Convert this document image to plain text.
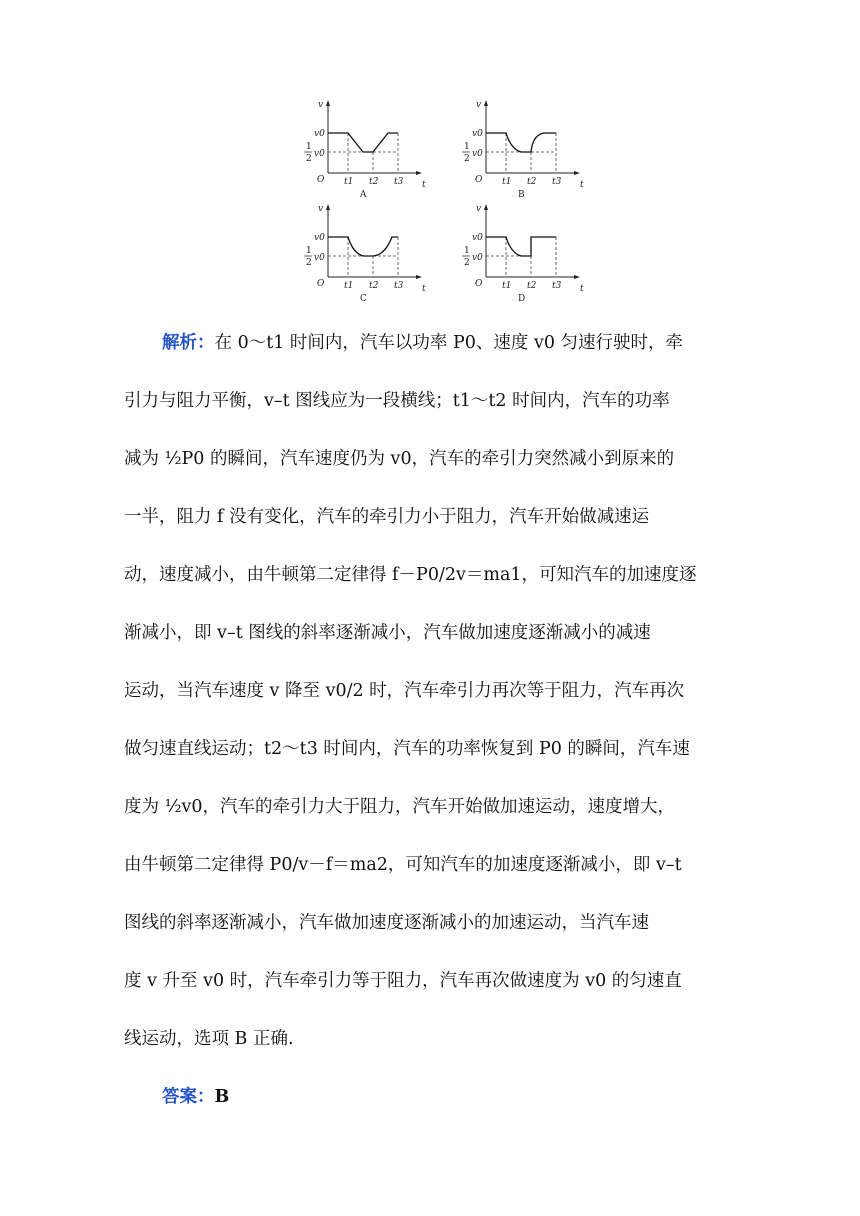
v
t
O
v0
1
2 v0
t1 t2 t3
A
v
t
O
v0
1
2 v0
t1 t2 t3
B
v
t
O
v0
1
2 v0
t1 t2 t3
C
v
t
O
v0
1
2 v0
t1 t2 t3
D
解析：在 0～t1 时间内，汽车以功率 P0、速度 v0 匀速行驶时，牵
引力与阻力平衡，v–t 图线应为一段横线；t1～t2 时间内，汽车的功率
减为 ½P0 的瞬间，汽车速度仍为 v0，汽车的牵引力突然减小到原来的
一半，阻力 f 没有变化，汽车的牵引力小于阻力，汽车开始做减速运
动，速度减小，由牛顿第二定律得 f－P0/2v＝ma1，可知汽车的加速度逐
渐减小，即 v–t 图线的斜率逐渐减小，汽车做加速度逐渐减小的减速
运动，当汽车速度 v 降至 v0/2 时，汽车牵引力再次等于阻力，汽车再次
做匀速直线运动；t2～t3 时间内，汽车的功率恢复到 P0 的瞬间，汽车速
度为 ½v0，汽车的牵引力大于阻力，汽车开始做加速运动，速度增大，
由牛顿第二定律得 P0/v－f＝ma2，可知汽车的加速度逐渐减小，即 v–t
图线的斜率逐渐减小，汽车做加速度逐渐减小的加速运动，当汽车速
度 v 升至 v0 时，汽车牵引力等于阻力，汽车再次做速度为 v0 的匀速直
线运动，选项 B 正确.
答案：B
